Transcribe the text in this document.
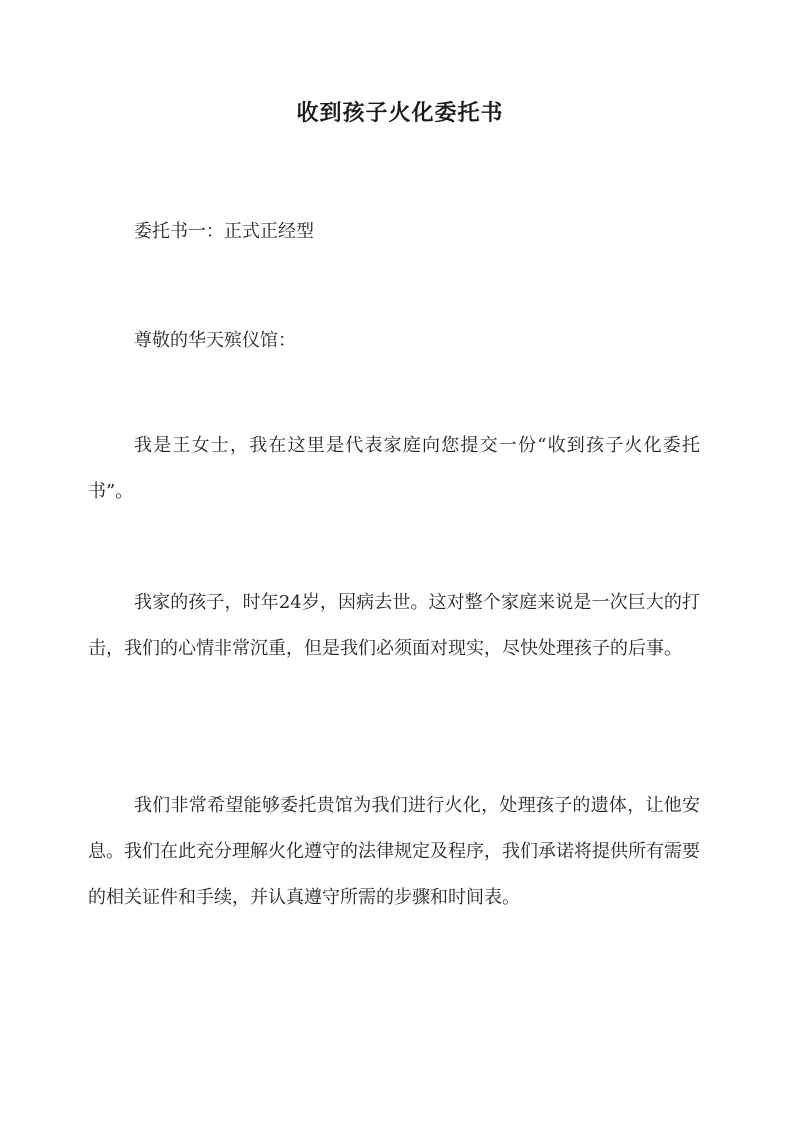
收到孩子火化委托书
委托书一：正式正经型
尊敬的华天殡仪馆：
我是王女士，我在这里是代表家庭向您提交一份“收到孩子火化委托书”。
我家的孩子，时年24岁，因病去世。这对整个家庭来说是一次巨大的打击，我们的心情非常沉重，但是我们必须面对现实，尽快处理孩子的后事。
我们非常希望能够委托贵馆为我们进行火化，处理孩子的遗体，让他安息。我们在此充分理解火化遵守的法律规定及程序，我们承诺将提供所有需要的相关证件和手续，并认真遵守所需的步骤和时间表。
